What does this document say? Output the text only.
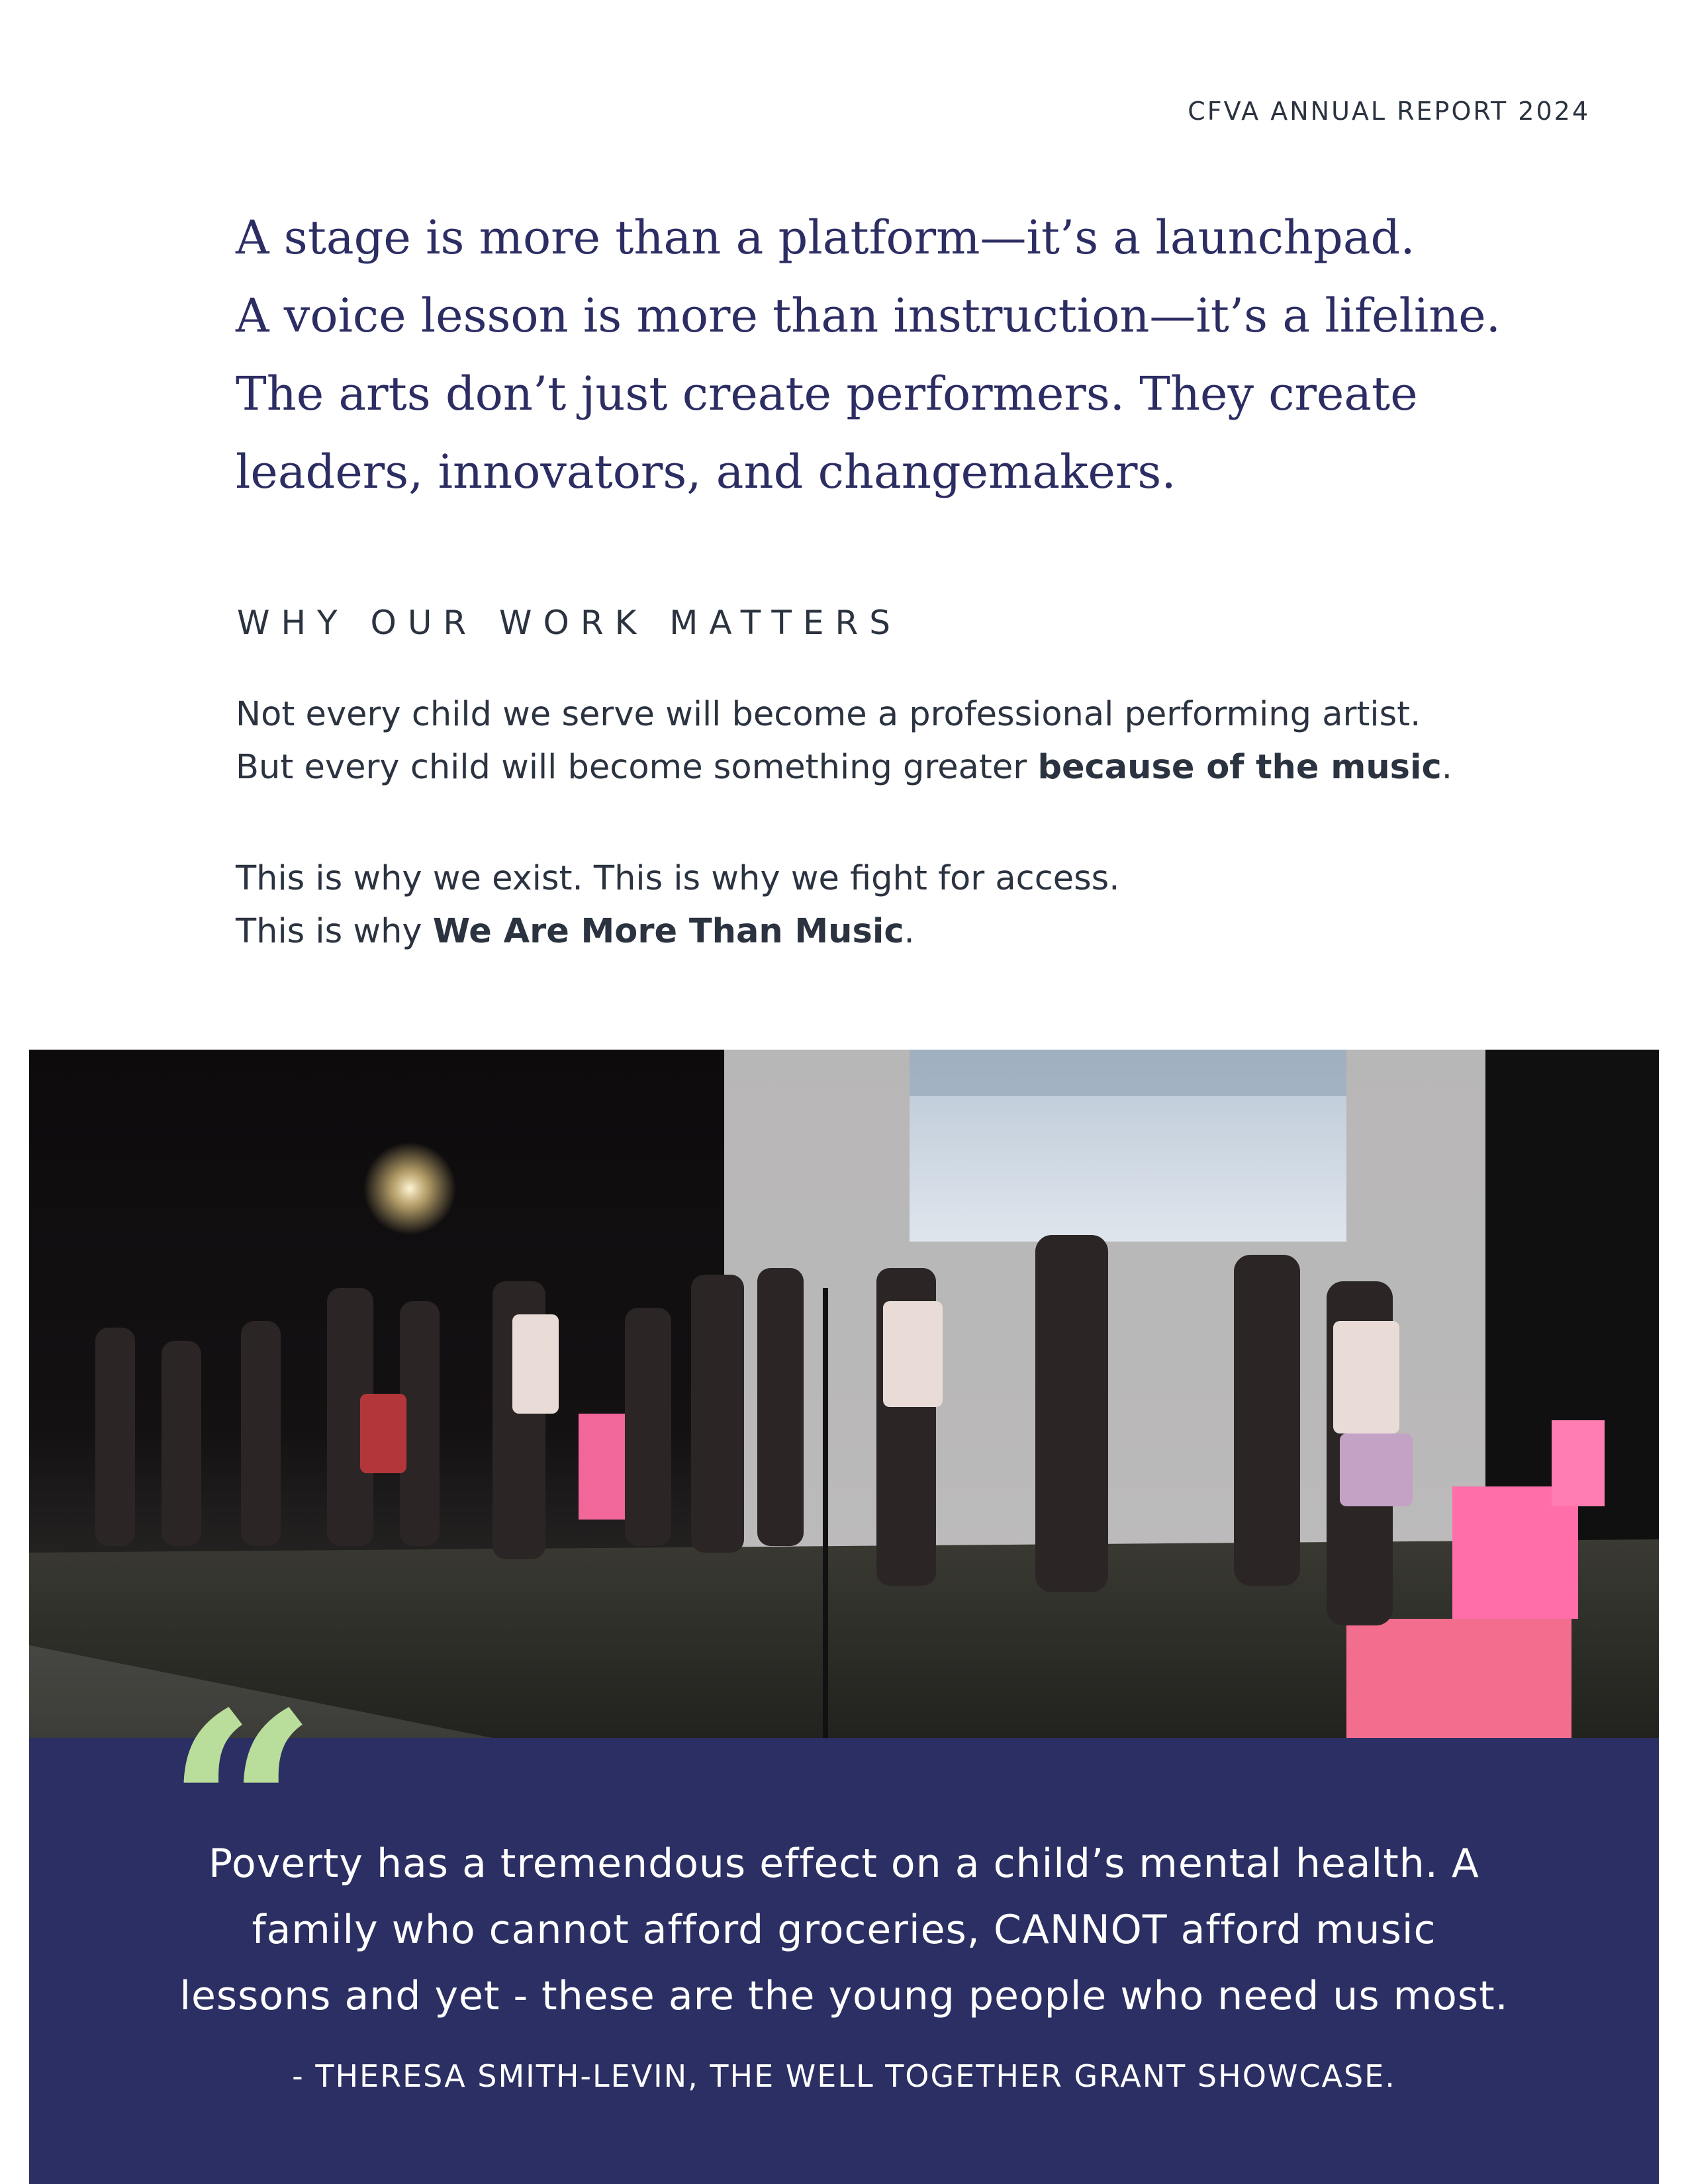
CFVA ANNUAL REPORT 2024
A stage is more than a platform—it’s a launchpad.
A voice lesson is more than instruction—it’s a lifeline.
The arts don’t just create performers. They create
leaders, innovators, and changemakers.
WHY OUR WORK MATTERS
Not every child we serve will become a professional performing artist.
But every child will become something greater because of the music.
This is why we exist. This is why we fight for access.
This is why We Are More Than Music.
“
Poverty has a tremendous effect on a child’s mental health. A
family who cannot afford groceries, CANNOT afford music
lessons and yet - these are the young people who need us most.
- THERESA SMITH-LEVIN, THE WELL TOGETHER GRANT SHOWCASE.
